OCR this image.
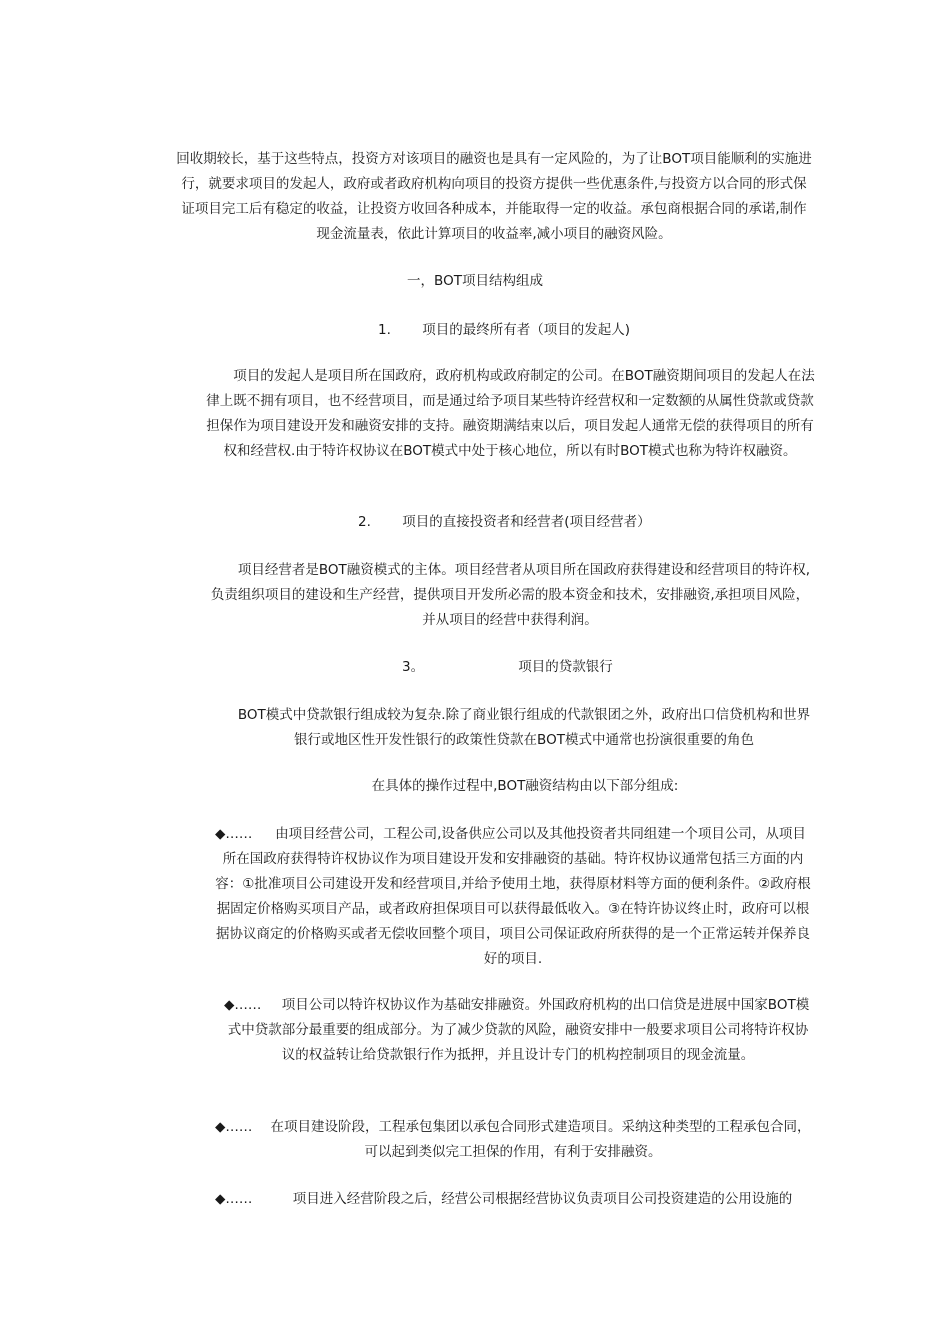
回收期较长，基于这些特点，投资方对该项目的融资也是具有一定风险的，为了让BOT项目能顺利的实施进行，就要求项目的发起人，政府或者政府机构向项目的投资方提供一些优惠条件,与投资方以合同的形式保证项目完工后有稳定的收益，让投资方收回各种成本，并能取得一定的收益。承包商根据合同的承诺,制作现金流量表，依此计算项目的收益率,减小项目的融资风险。

一，BOT项目结构组成

1. 项目的最终所有者（项目的发起人)

项目的发起人是项目所在国政府，政府机构或政府制定的公司。在BOT融资期间项目的发起人在法律上既不拥有项目，也不经营项目，而是通过给予项目某些特许经营权和一定数额的从属性贷款或贷款担保作为项目建设开发和融资安排的支持。融资期满结束以后，项目发起人通常无偿的获得项目的所有权和经营权.由于特许权协议在BOT模式中处于核心地位，所以有时BOT模式也称为特许权融资。

2. 项目的直接投资者和经营者(项目经营者）

项目经营者是BOT融资模式的主体。项目经营者从项目所在国政府获得建设和经营项目的特许权,负责组织项目的建设和生产经营，提供项目开发所必需的股本资金和技术，安排融资,承担项目风险，并从项目的经营中获得利润。

3。	项目的贷款银行

BOT模式中贷款银行组成较为复杂.除了商业银行组成的代款银团之外，政府出口信贷机构和世界银行或地区性开发性银行的政策性贷款在BOT模式中通常也扮演很重要的角色

在具体的操作过程中,BOT融资结构由以下部分组成:

◆……	由项目经营公司，工程公司,设备供应公司以及其他投资者共同组建一个项目公司，从项目所在国政府获得特许权协议作为项目建设开发和安排融资的基础。特许权协议通常包括三方面的内容：①批准项目公司建设开发和经营项目,并给予使用土地，获得原材料等方面的便利条件。②政府根据固定价格购买项目产品，或者政府担保项目可以获得最低收入。③在特许协议终止时，政府可以根据协议商定的价格购买或者无偿收回整个项目，项目公司保证政府所获得的是一个正常运转并保养良好的项目.

◆……	项目公司以特许权协议作为基础安排融资。外国政府机构的出口信贷是进展中国家BOT模式中贷款部分最重要的组成部分。为了减少贷款的风险，融资安排中一般要求项目公司将特许权协议的权益转让给贷款银行作为抵押，并且设计专门的机构控制项目的现金流量。

◆……	在项目建设阶段，工程承包集团以承包合同形式建造项目。采纳这种类型的工程承包合同，可以起到类似完工担保的作用，有利于安排融资。

◆……	项目进入经营阶段之后，经营公司根据经营协议负责项目公司投资建造的公用设施的
